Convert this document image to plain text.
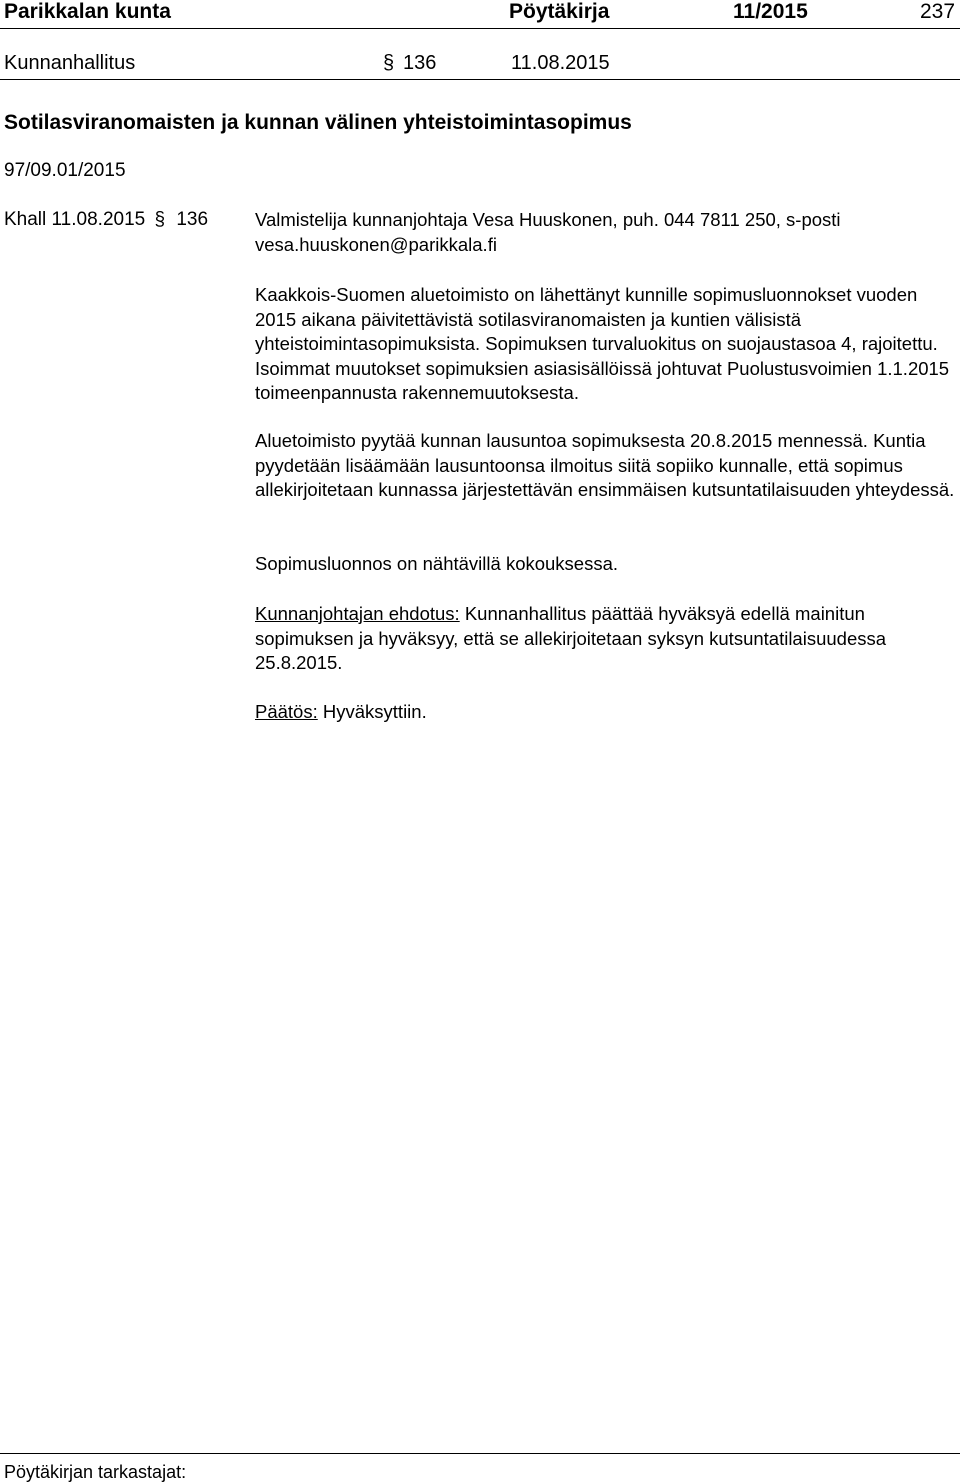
Parikkalan kunta	Pöytäkirja	11/2015	237
Kunnanhallitus	§ 136	11.08.2015
Sotilasviranomaisten ja kunnan välinen yhteistoimintasopimus
97/09.01/2015
Khall 11.08.2015 § 136	Valmistelija kunnanjohtaja Vesa Huuskonen, puh. 044 7811 250, s-posti vesa.huuskonen@parikkala.fi

Kaakkois-Suomen aluetoimisto on lähettänyt kunnille sopimusluonnokset vuoden 2015 aikana päivitettävistä sotilasviranomaisten ja kuntien välisistä yhteistoimintasopimuksista. Sopimuksen turvaluokitus on suojaustasoa 4, rajoitettu. Isoimmat muutokset sopimuksien asiasisällöissä johtuvat Puolustusvoimien 1.1.2015 toimeenpannusta rakennemuutoksesta.

Aluetoimisto pyytää kunnan lausuntoa sopimuksesta 20.8.2015 mennessä. Kuntia pyydetään lisäämään lausuntoonsa ilmoitus siitä sopiiko kunnalle, että sopimus allekirjoitetaan kunnassa järjestettävän ensimmäisen kutsuntatilaisuuden yhteydessä.

Sopimusluonnos on nähtävillä kokouksessa.

Kunnanjohtajan ehdotus: Kunnanhallitus päättää hyväksyä edellä mainitun sopimuksen ja hyväksyy, että se allekirjoitetaan syksyn kutsuntatilaisuudessa 25.8.2015.

Päätös: Hyväksyttiin.

Pöytäkirjan tarkastajat:
